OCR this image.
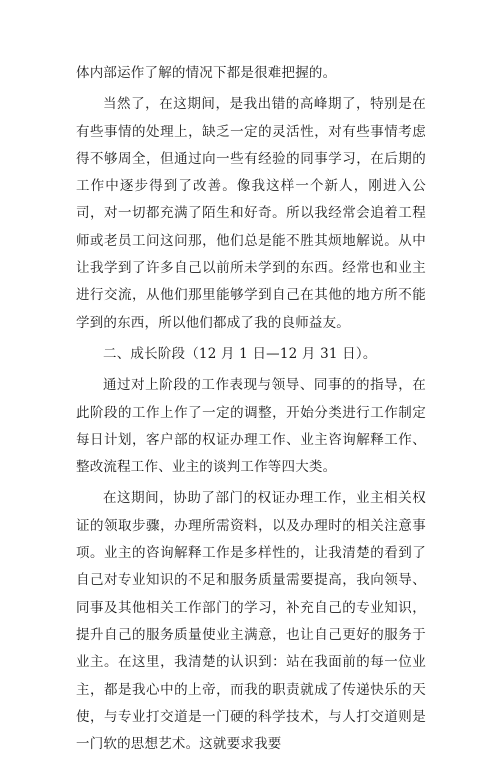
体内部运作了解的情况下都是很难把握的。

当然了，在这期间，是我出错的高峰期了，特别是在有些事情的处理上，缺乏一定的灵活性，对有些事情考虑得不够周全，但通过向一些有经验的同事学习，在后期的工作中逐步得到了改善。像我这样一个新人，刚进入公司，对一切都充满了陌生和好奇。所以我经常会追着工程师或老员工问这问那，他们总是能不胜其烦地解说。从中让我学到了许多自己以前所未学到的东西。经常也和业主进行交流，从他们那里能够学到自己在其他的地方所不能学到的东西，所以他们都成了我的良师益友。

二、成长阶段（12 月 1 日—12 月 31 日）。

通过对上阶段的工作表现与领导、同事的的指导，在此阶段的工作上作了一定的调整，开始分类进行工作制定每日计划，客户部的权证办理工作、业主咨询解释工作、整改流程工作、业主的谈判工作等四大类。

在这期间，协助了部门的权证办理工作，业主相关权证的领取步骤，办理所需资料，以及办理时的相关注意事项。业主的咨询解释工作是多样性的，让我清楚的看到了自己对专业知识的不足和服务质量需要提高，我向领导、同事及其他相关工作部门的学习，补充自己的专业知识，提升自己的服务质量使业主满意，也让自己更好的服务于业主。在这里，我清楚的认识到：站在我面前的每一位业主，都是我心中的上帝，而我的职责就成了传递快乐的天使，与专业打交道是一门硬的科学技术，与人打交道则是一门软的思想艺术。这就要求我要
